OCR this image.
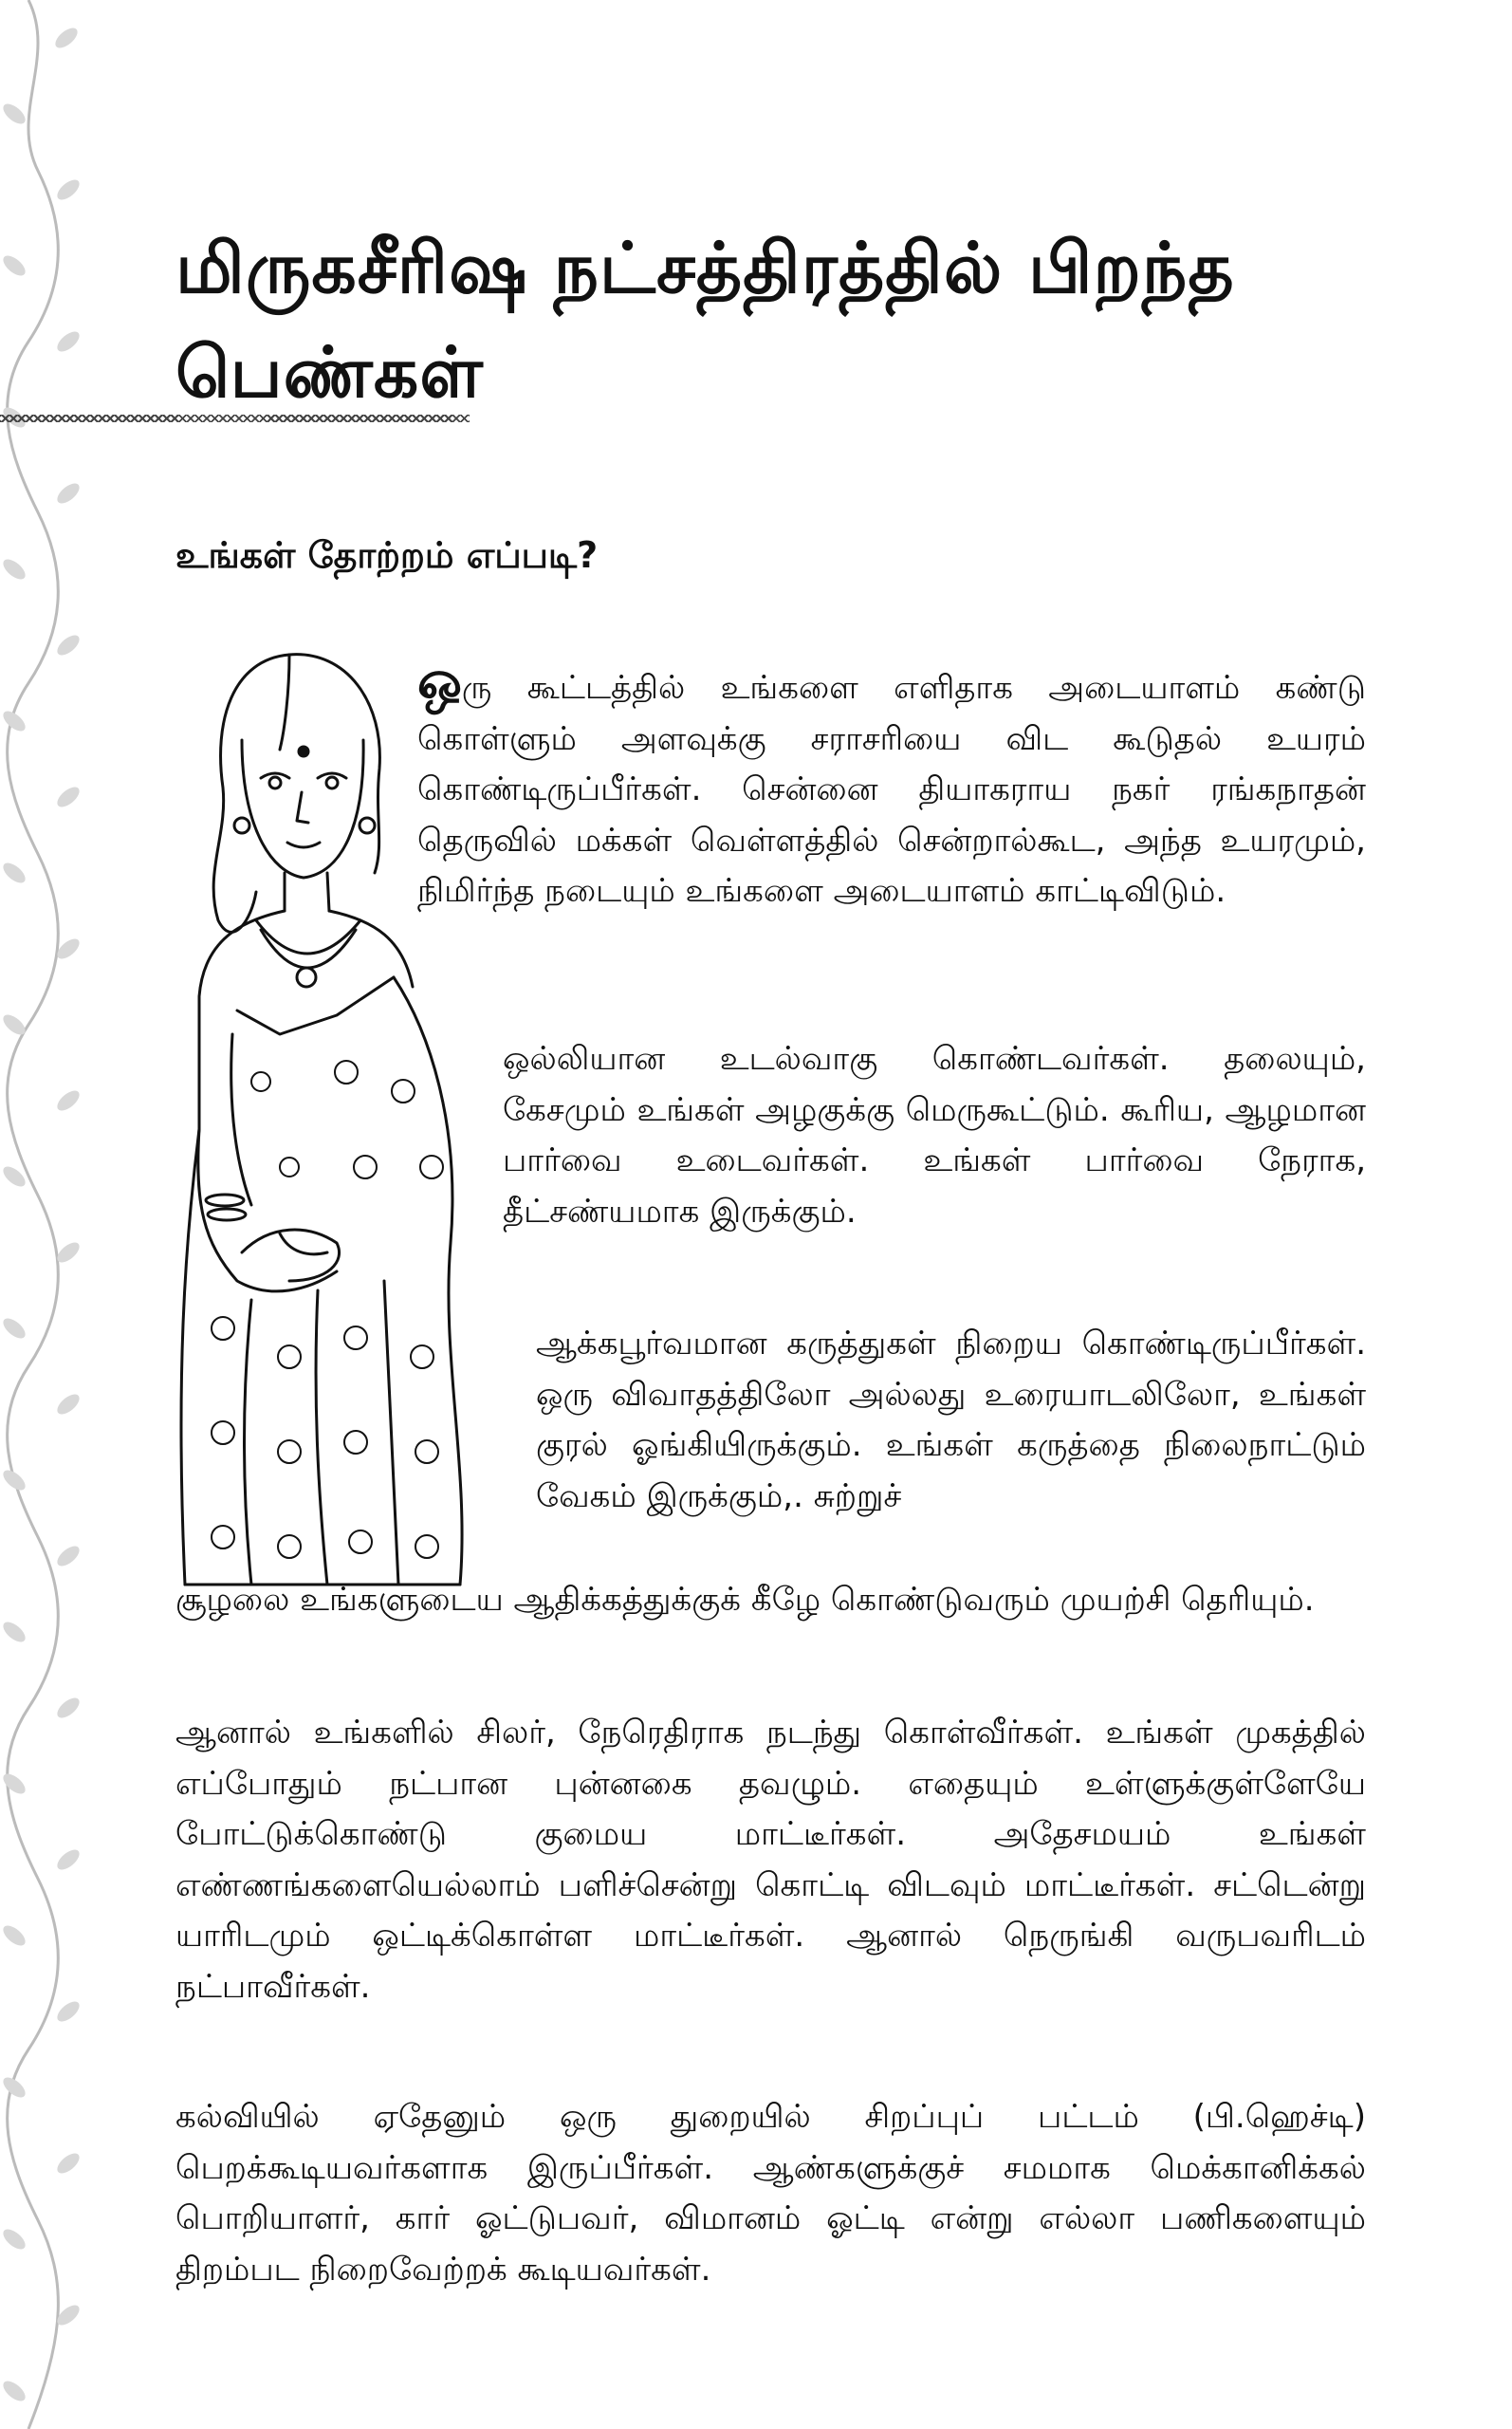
மிருகசீரிஷ நட்சத்திரத்தில் பிறந்த பெண்கள்
உங்கள் தோற்றம் எப்படி?

ஒரு கூட்டத்தில் உங்களை எளிதாக அடையாளம் கண்டு கொள்ளும் அளவுக்கு சராசரியை விட கூடுதல் உயரம் கொண்டிருப்பீர்கள். சென்னை தியாகராய நகர் ரங்கநாதன் தெருவில் மக்கள் வெள்ளத்தில் சென்றால்கூட, அந்த உயரமும், நிமிர்ந்த நடையும் உங்களை அடையாளம் காட்டிவிடும்.

ஒல்லியான உடல்வாகு கொண்டவர்கள். தலையும், கேசமும் உங்கள் அழகுக்கு மெருகூட்டும். கூரிய, ஆழமான பார்வை உடைவர்கள். உங்கள் பார்வை நேராக, தீட்சண்யமாக இருக்கும்.

ஆக்கபூர்வமான கருத்துகள் நிறைய கொண்டிருப்பீர்கள். ஒரு விவாதத்திலோ அல்லது உரையாடலிலோ, உங்கள் குரல் ஓங்கியிருக்கும். உங்கள் கருத்தை நிலைநாட்டும் வேகம் இருக்கும்,. சுற்றுச்

சூழலை உங்களுடைய ஆதிக்கத்துக்குக் கீழே கொண்டுவரும் முயற்சி தெரியும்.

ஆனால் உங்களில் சிலர், நேரெதிராக நடந்து கொள்வீர்கள். உங்கள் முகத்தில் எப்போதும் நட்பான புன்னகை தவழும். எதையும் உள்ளுக்குள்ளேயே போட்டுக்கொண்டு குமைய மாட்டீர்கள். அதேசமயம் உங்கள் எண்ணங்களையெல்லாம் பளிச்சென்று கொட்டி விடவும் மாட்டீர்கள். சட்டென்று யாரிடமும் ஒட்டிக்கொள்ள மாட்டீர்கள். ஆனால் நெருங்கி வருபவரிடம் நட்பாவீர்கள்.

கல்வியில் ஏதேனும் ஒரு துறையில் சிறப்புப் பட்டம் (பி.ஹெச்டி) பெறக்கூடியவர்களாக இருப்பீர்கள். ஆண்களுக்குச் சமமாக மெக்கானிக்கல் பொறியாளர், கார் ஓட்டுபவர், விமானம் ஓட்டி என்று எல்லா பணிகளையும் திறம்பட நிறைவேற்றக் கூடியவர்கள்.
